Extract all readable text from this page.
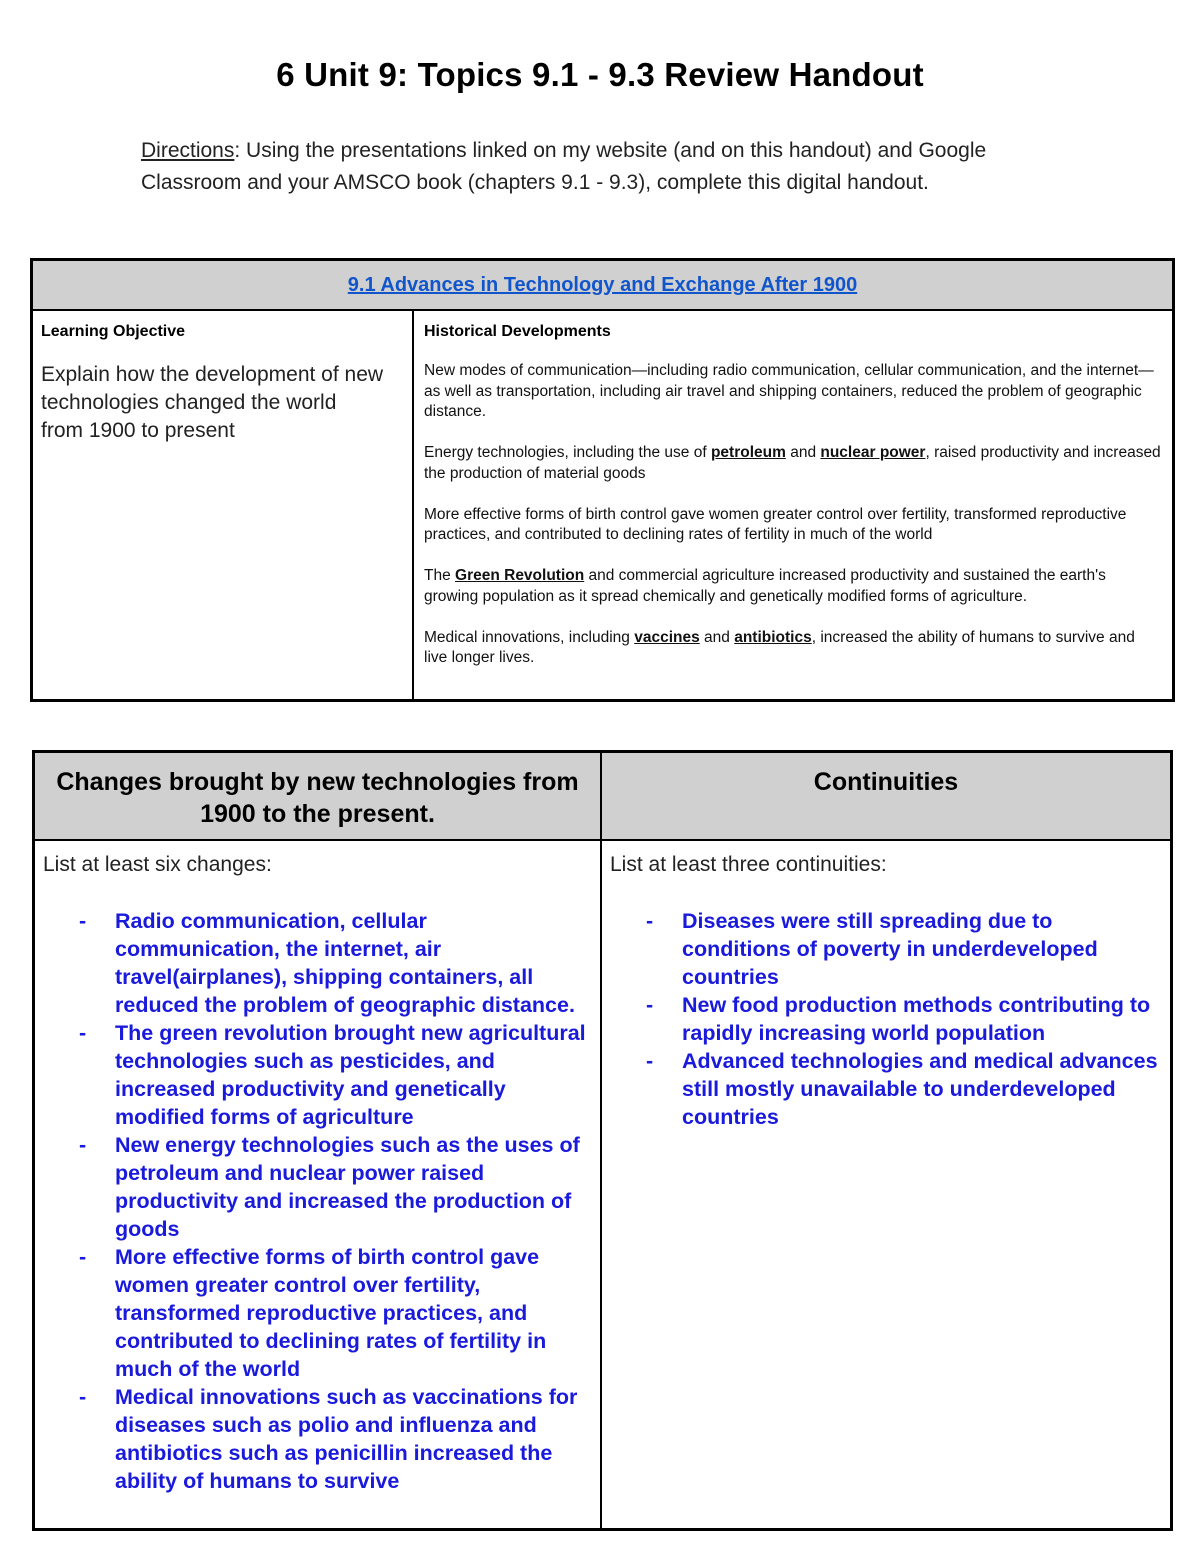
6 Unit 9: Topics 9.1 - 9.3 Review Handout
Directions: Using the presentations linked on my website (and on this handout) and Google Classroom and your AMSCO book (chapters 9.1 - 9.3), complete this digital handout.
9.1 Advances in Technology and Exchange After 1900
Learning Objective
Explain how the development of new technologies changed the world from 1900 to present
Historical Developments

New modes of communication—including radio communication, cellular communication, and the internet—as well as transportation, including air travel and shipping containers, reduced the problem of geographic distance.

Energy technologies, including the use of petroleum and nuclear power, raised productivity and increased the production of material goods

More effective forms of birth control gave women greater control over fertility, transformed reproductive practices, and contributed to declining rates of fertility in much of the world

The Green Revolution and commercial agriculture increased productivity and sustained the earth's growing population as it spread chemically and genetically modified forms of agriculture.

Medical innovations, including vaccines and antibiotics, increased the ability of humans to survive and live longer lives.

Changes brought by new technologies from 1900 to the present.
Continuities
List at least six changes:
- Radio communication, cellular communication, the internet, air travel(airplanes), shipping containers, all reduced the problem of geographic distance.
- The green revolution brought new agricultural technologies such as pesticides, and increased productivity and genetically modified forms of agriculture
- New energy technologies such as the uses of petroleum and nuclear power raised productivity and increased the production of goods
- More effective forms of birth control gave women greater control over fertility, transformed reproductive practices, and contributed to declining rates of fertility in much of the world
- Medical innovations such as vaccinations for diseases such as polio and influenza and antibiotics such as penicillin increased the ability of humans to survive
List at least three continuities:
- Diseases were still spreading due to conditions of poverty in underdeveloped countries
- New food production methods contributing to rapidly increasing world population
- Advanced technologies and medical advances still mostly unavailable to underdeveloped countries
